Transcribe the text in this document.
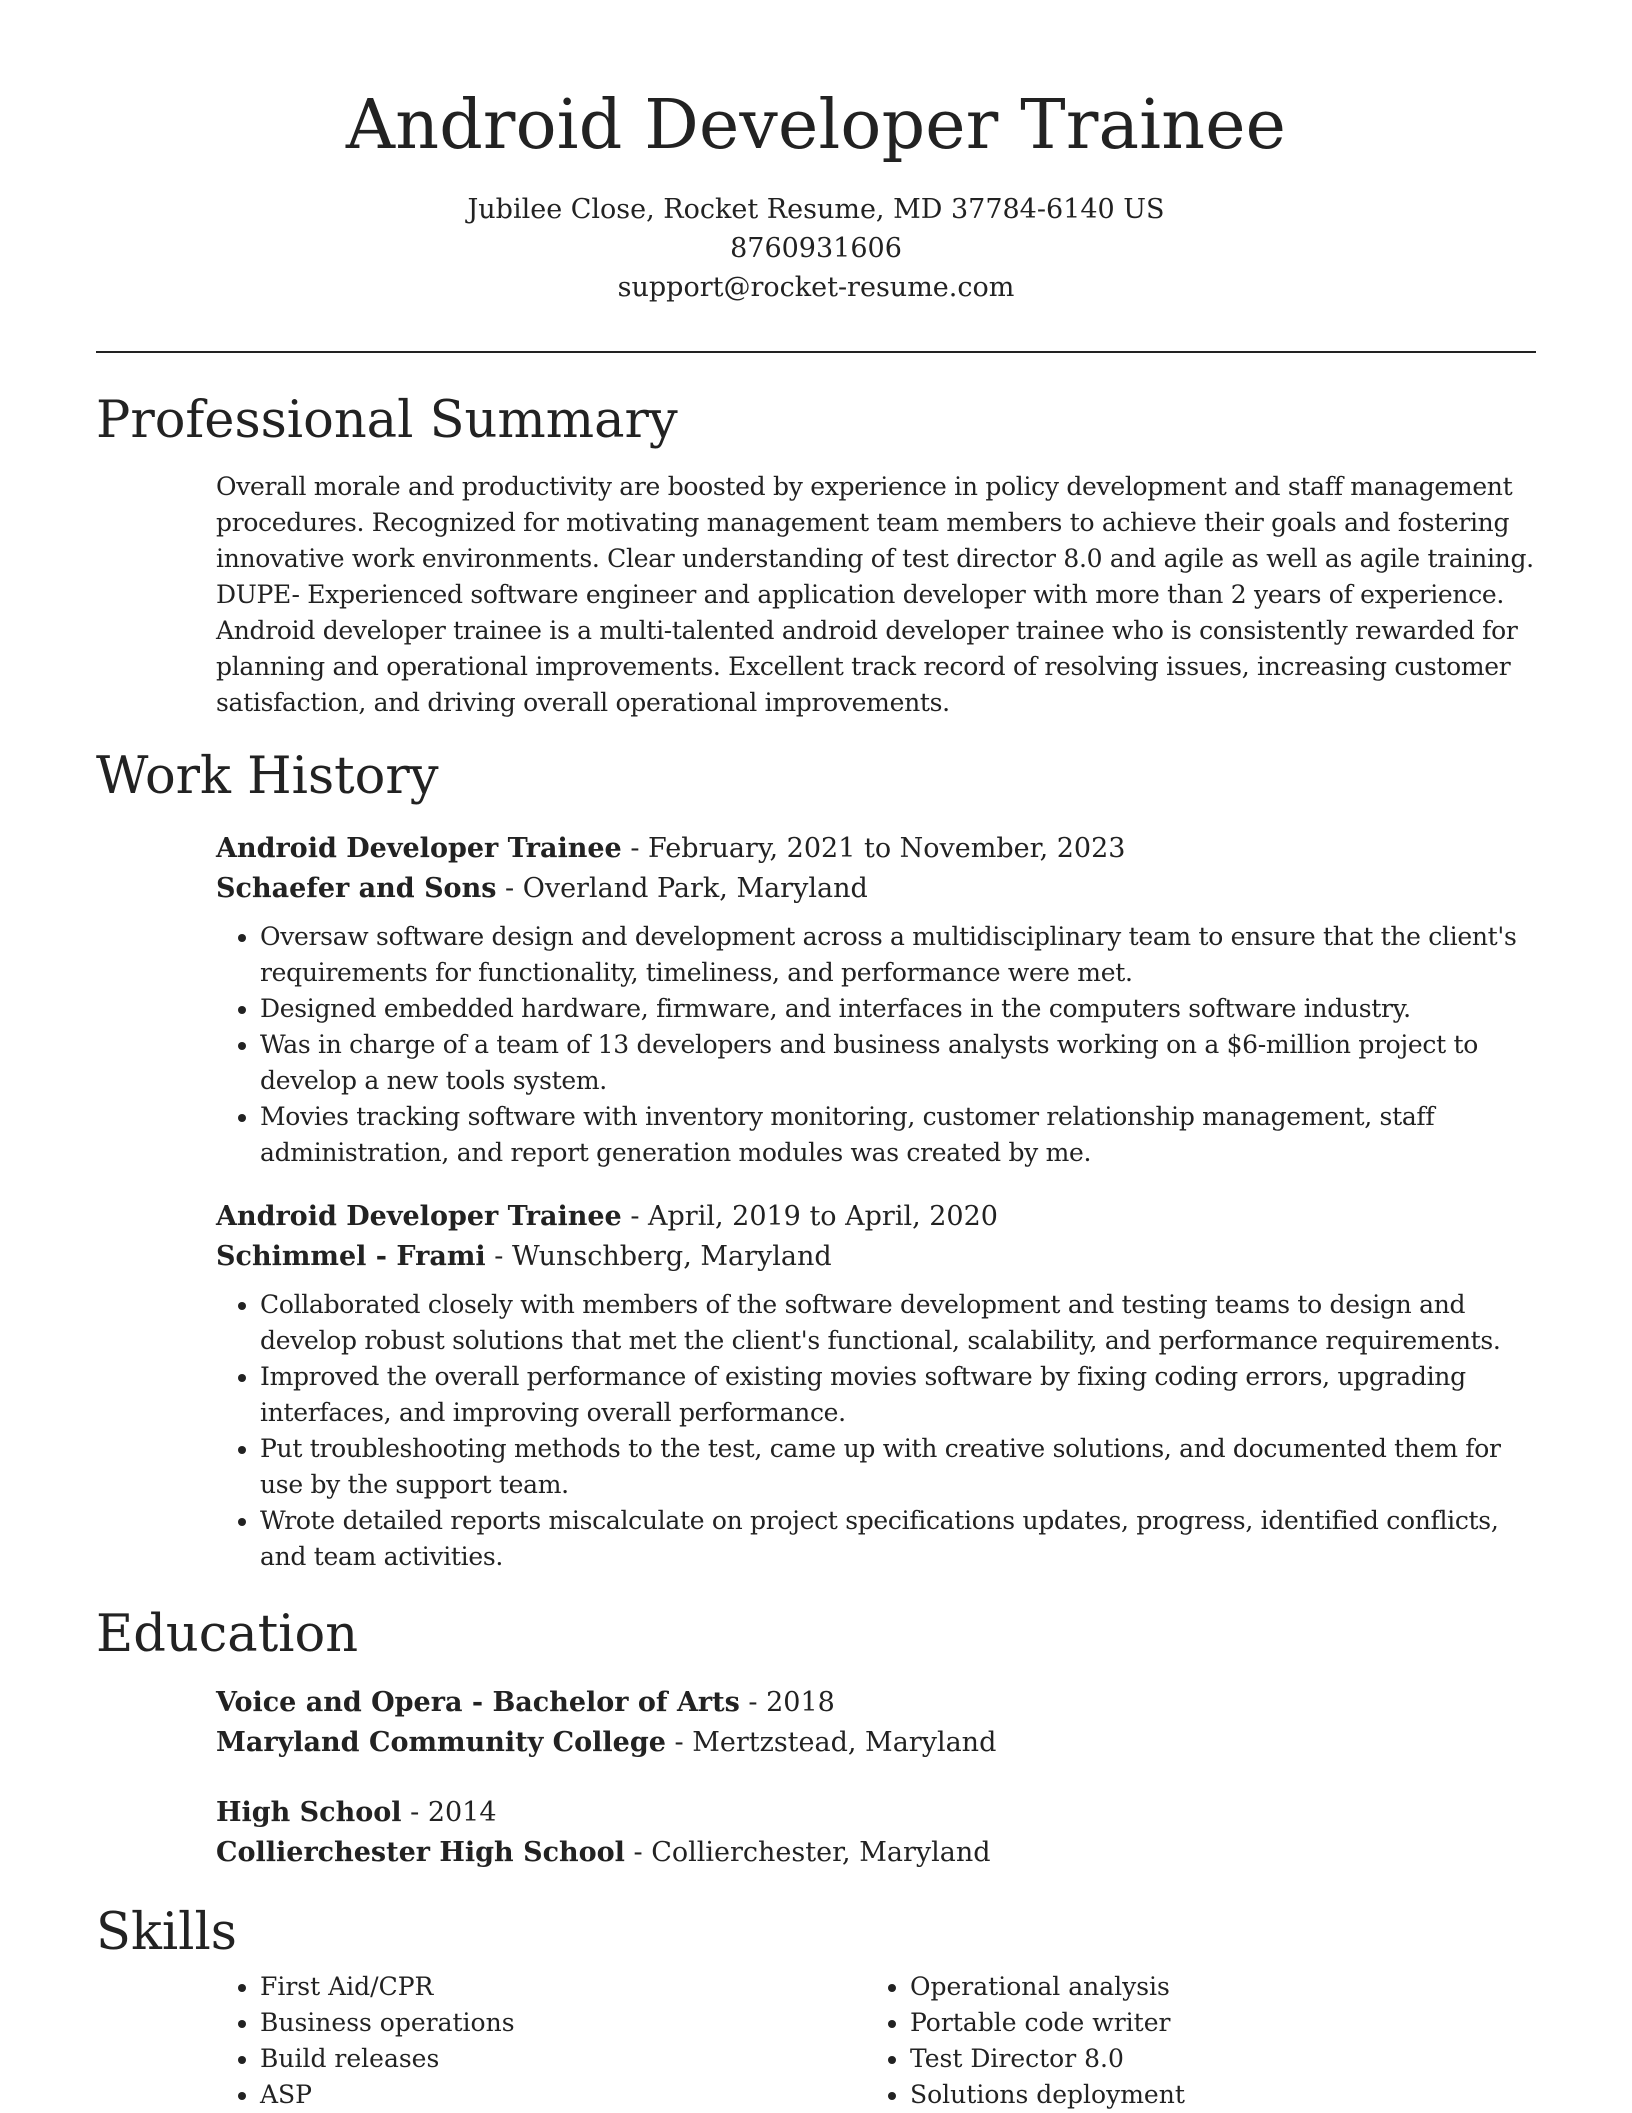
Android Developer Trainee
Jubilee Close, Rocket Resume, MD 37784-6140 US
8760931606
support@rocket-resume.com
Professional Summary
Overall morale and productivity are boosted by experience in policy development and staff management procedures. Recognized for motivating management team members to achieve their goals and fostering innovative work environments. Clear understanding of test director 8.0 and agile as well as agile training. DUPE- Experienced software engineer and application developer with more than 2 years of experience. Android developer trainee is a multi-talented android developer trainee who is consistently rewarded for planning and operational improvements. Excellent track record of resolving issues, increasing customer satisfaction, and driving overall operational improvements.
Work History
Android Developer Trainee - February, 2021 to November, 2023
Schaefer and Sons - Overland Park, Maryland
• Oversaw software design and development across a multidisciplinary team to ensure that the client's requirements for functionality, timeliness, and performance were met.
• Designed embedded hardware, firmware, and interfaces in the computers software industry.
• Was in charge of a team of 13 developers and business analysts working on a $6-million project to develop a new tools system.
• Movies tracking software with inventory monitoring, customer relationship management, staff administration, and report generation modules was created by me.
Android Developer Trainee - April, 2019 to April, 2020
Schimmel - Frami - Wunschberg, Maryland
• Collaborated closely with members of the software development and testing teams to design and develop robust solutions that met the client's functional, scalability, and performance requirements.
• Improved the overall performance of existing movies software by fixing coding errors, upgrading interfaces, and improving overall performance.
• Put troubleshooting methods to the test, came up with creative solutions, and documented them for use by the support team.
• Wrote detailed reports miscalculate on project specifications updates, progress, identified conflicts, and team activities.
Education
Voice and Opera - Bachelor of Arts - 2018
Maryland Community College - Mertzstead, Maryland
High School - 2014
Collierchester High School - Collierchester, Maryland
Skills
• First Aid/CPR
• Business operations
• Build releases
• ASP
• Operational analysis
• Portable code writer
• Test Director 8.0
• Solutions deployment
